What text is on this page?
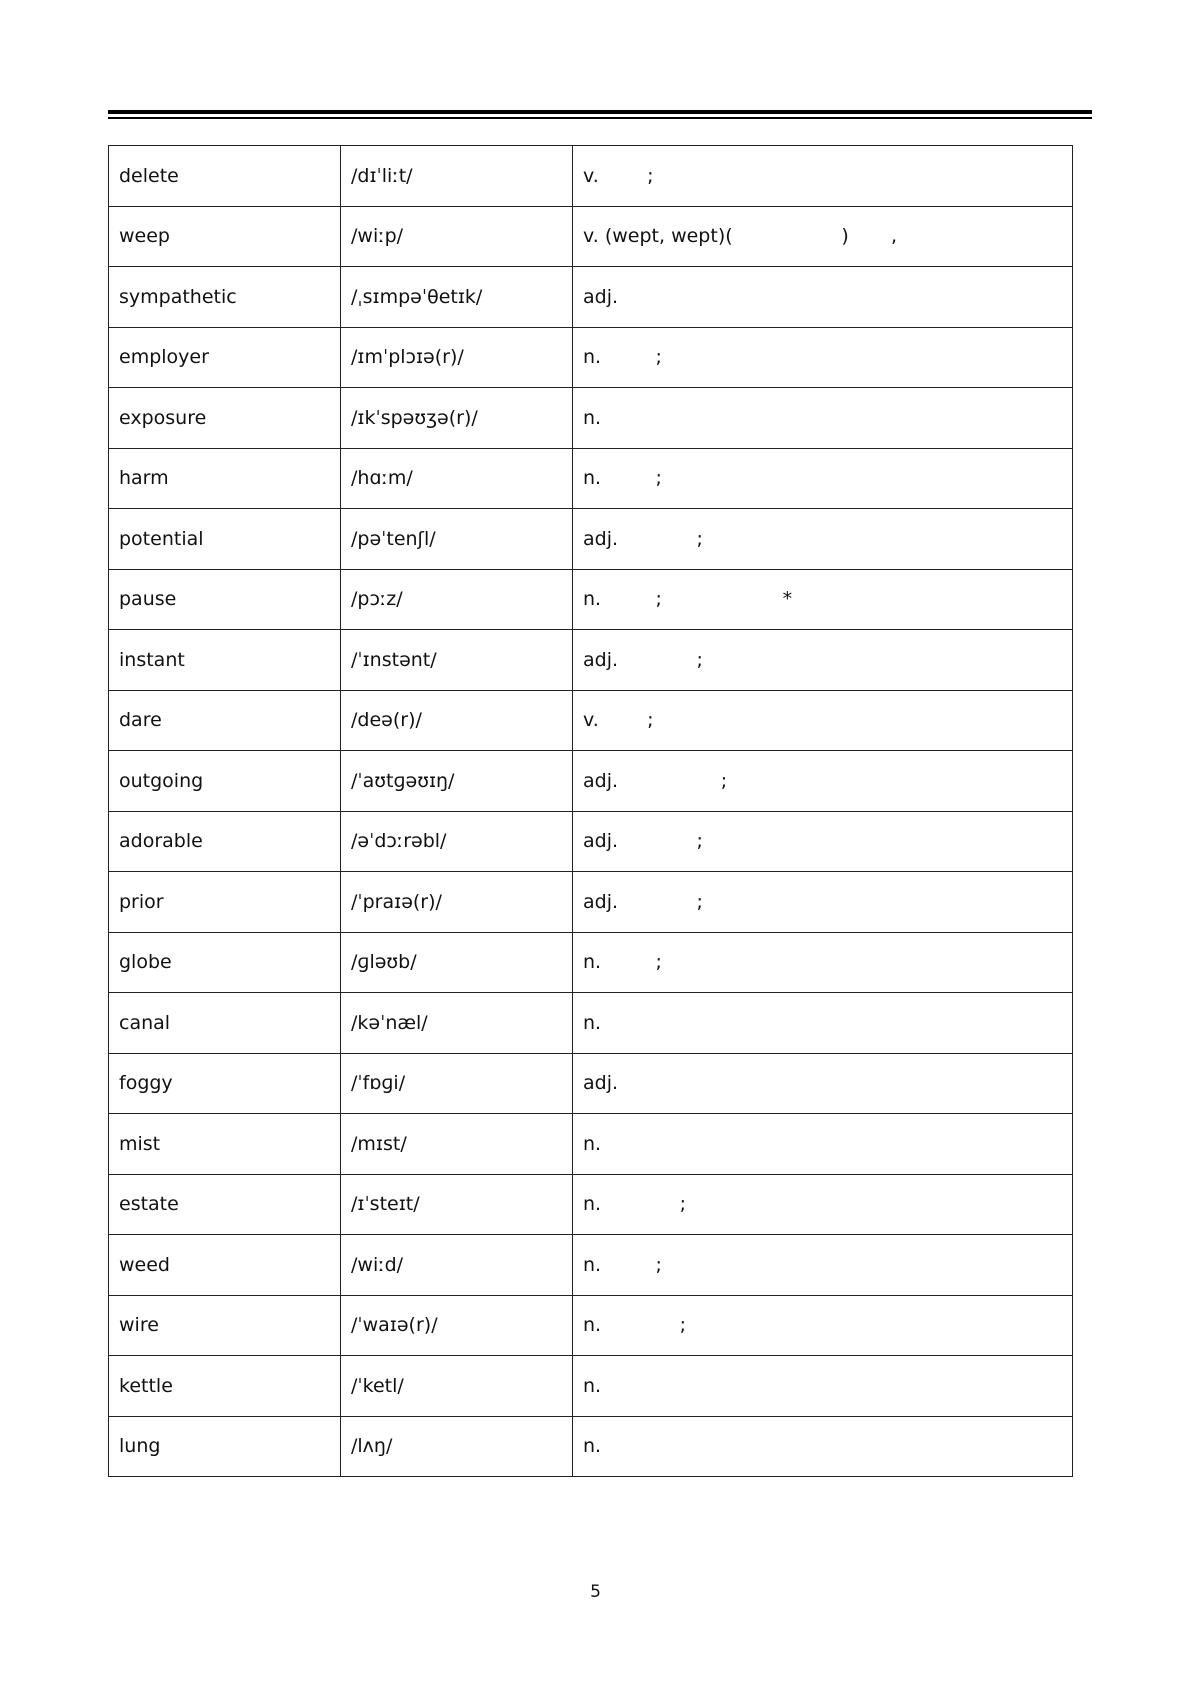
delete	/dɪˈliːt/	v.        ;
weep	/wiːp/	v. (wept, wept)(                  )       ,
sympathetic	/ˌsɪmpəˈθetɪk/	adj.
employer	/ɪmˈplɔɪə(r)/	n.         ;
exposure	/ɪkˈspəʊʒə(r)/	n.
harm	/hɑːm/	n.         ;
potential	/pəˈtenʃl/	adj.             ;
pause	/pɔːz/	n.         ;                    *
instant	/ˈɪnstənt/	adj.             ;
dare	/deə(r)/	v.        ;
outgoing	/ˈaʊtɡəʊɪŋ/	adj.                 ;
adorable	/əˈdɔːrəbl/	adj.             ;
prior	/ˈpraɪə(r)/	adj.             ;
globe	/ɡləʊb/	n.         ;
canal	/kəˈnæl/	n.
foggy	/ˈfɒɡi/	adj.
mist	/mɪst/	n.
estate	/ɪˈsteɪt/	n.             ;
weed	/wiːd/	n.         ;
wire	/ˈwaɪə(r)/	n.             ;
kettle	/ˈketl/	n.
lung	/lʌŋ/	n.
5
